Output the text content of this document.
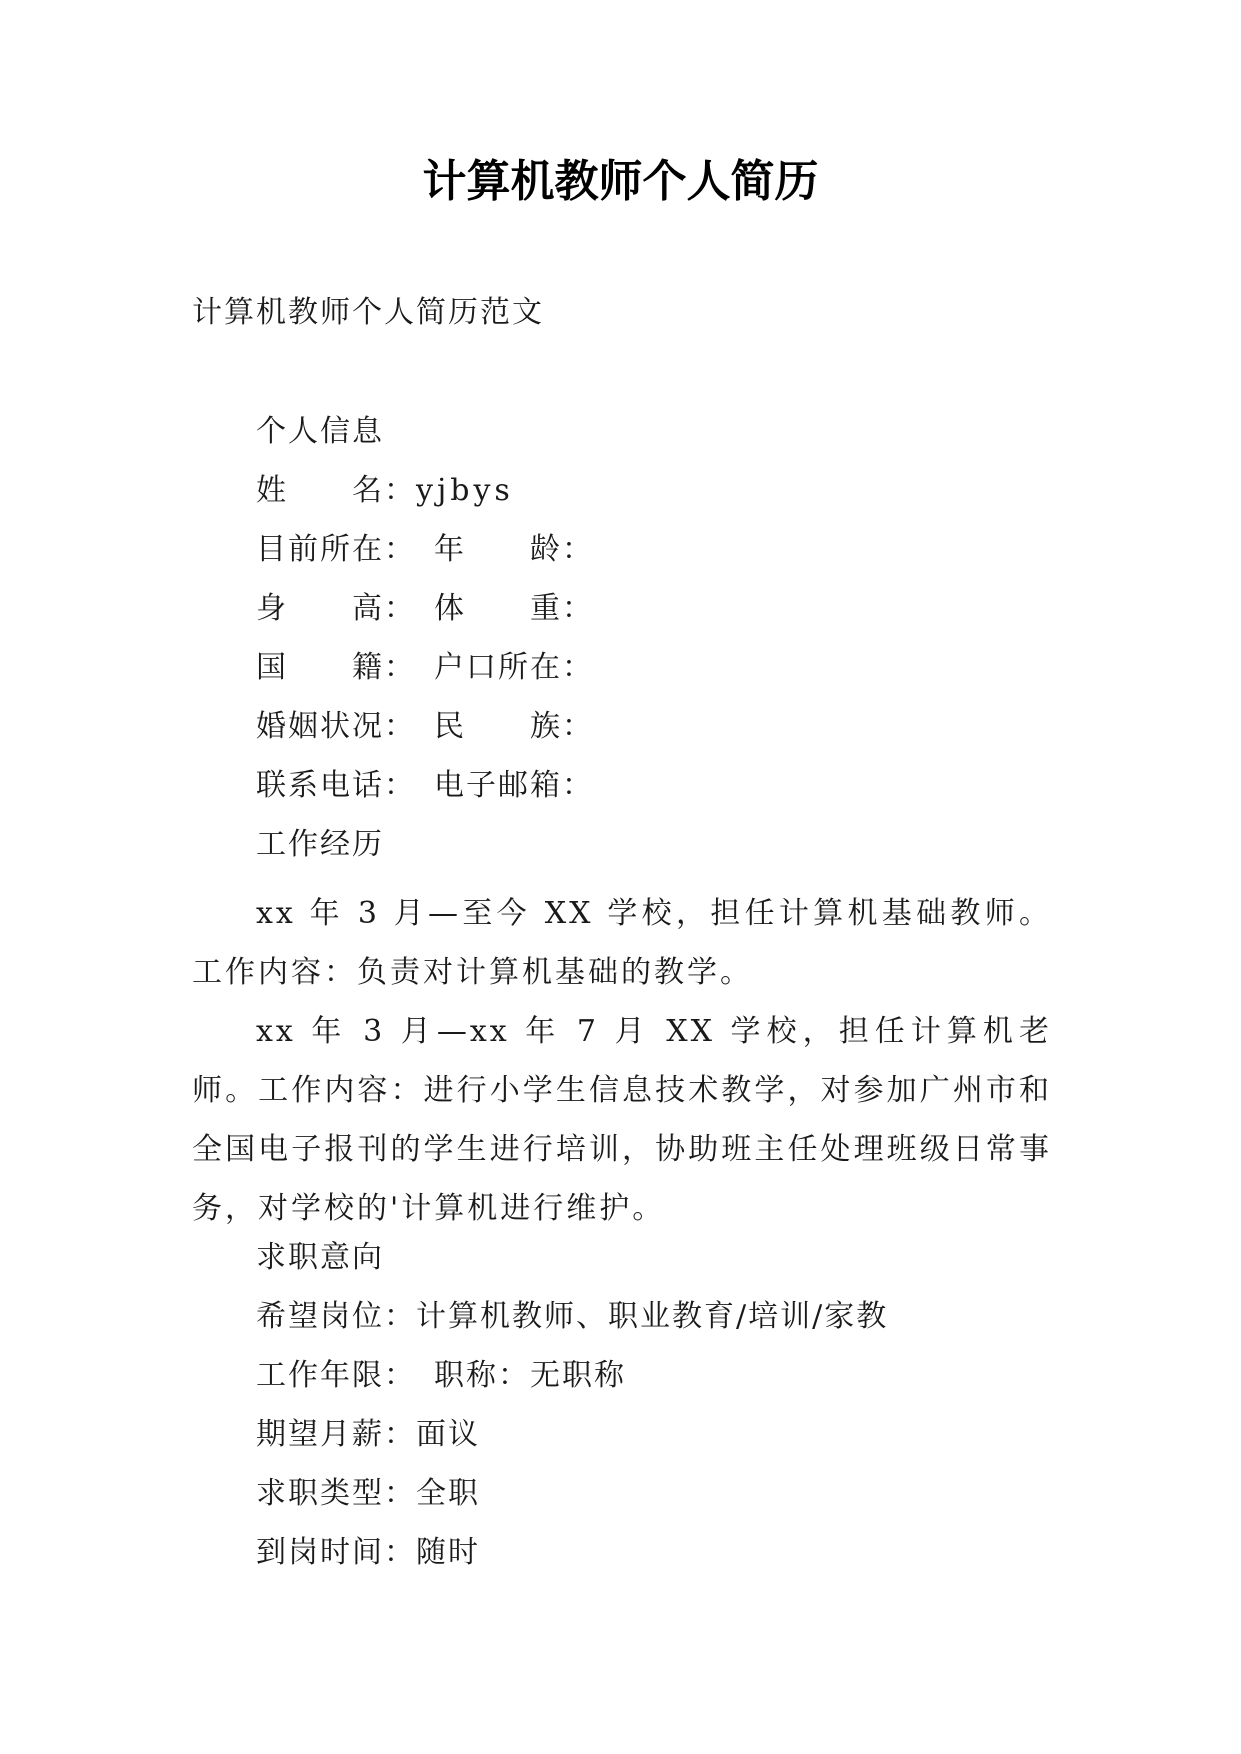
计算机教师个人简历
计算机教师个人简历范文
个人信息
姓 名：yjbys
目前所在： 年 龄：
身 高： 体 重：
国 籍： 户口所在：
婚姻状况： 民 族：
联系电话： 电子邮箱：
工作经历
xx 年 3 月—至今 XX 学校，担任计算机基础教师。工作内容：负责对计算机基础的教学。
xx 年 3 月—xx 年 7 月 XX 学校，担任计算机老师。工作内容：进行小学生信息技术教学，对参加广州市和全国电子报刊的学生进行培训，协助班主任处理班级日常事务，对学校的'计算机进行维护。
求职意向
希望岗位：计算机教师、职业教育/培训/家教
工作年限： 职称：无职称
期望月薪：面议
求职类型：全职
到岗时间：随时
